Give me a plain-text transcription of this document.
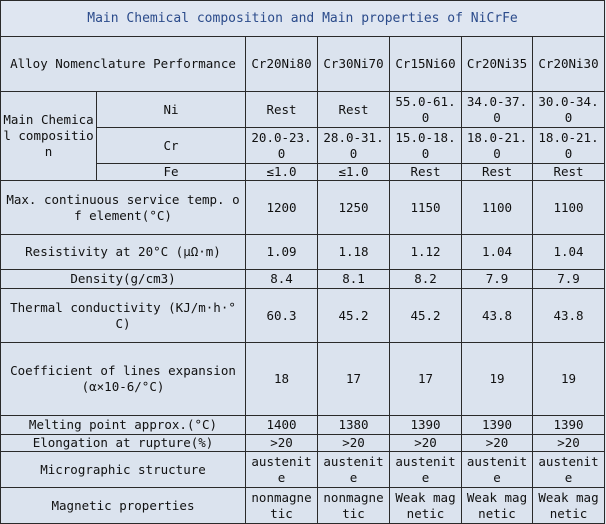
Main Chemical composition and Main properties of NiCrFe						
Alloy Nomenclature Performance		Cr20Ni80	Cr30Ni70	Cr15Ni60	Cr20Ni35	Cr20Ni30
Main Chemical composition	Ni	Rest	Rest	55.0-61.0	34.0-37.0	30.0-34.0
	Cr	20.0-23.0	28.0-31.0	15.0-18.0	18.0-21.0	18.0-21.0
	Fe	≤1.0	≤1.0	Rest	Rest	Rest
Max. continuous service temp. of element(°C)		1200	1250	1150	1100	1100
Resistivity at 20°C (μΩ·m)		1.09	1.18	1.12	1.04	1.04
Density(g/cm3)		8.4	8.1	8.2	7.9	7.9
Thermal conductivity (KJ/m·h·°C)		60.3	45.2	45.2	43.8	43.8
Coefficient of lines expansion(α×10-6/°C)		18	17	17	19	19
Melting point approx.(°C)		1400	1380	1390	1390	1390
Elongation at rupture(%)		>20	>20	>20	>20	>20
Micrographic structure		austenite	austenite	austenite	austenite	austenite
Magnetic properties		nonmagnetic	nonmagnetic	Weak magnetic	Weak magnetic	Weak magnetic
